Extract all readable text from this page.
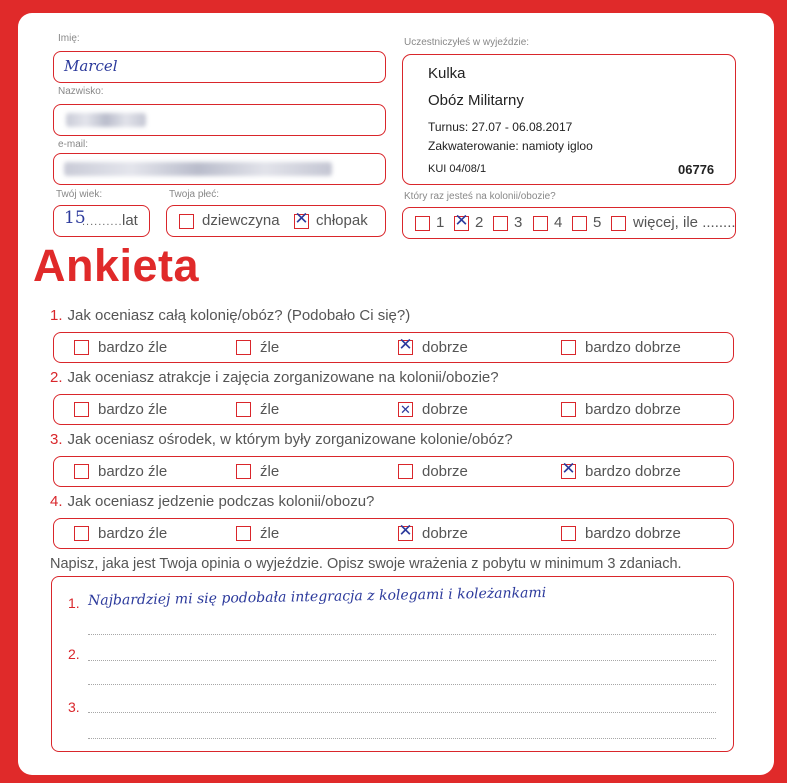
Imię:
Marcel
Nazwisko:
e-mail:
Twój wiek:
15
.......... lat
Twoja płeć:
dziewczyna ✕ chłopak
Uczestniczyłeś w wyjeździe:
Kulka
Obóz Militarny
Turnus: 27.07 - 06.08.2017
Zakwaterowanie: namioty igloo
KUI 04/08/1	06776
Który raz jesteś na kolonii/obozie?
1 ✕ 2 3 4 5 więcej, ile ........
Ankieta
1. Jak oceniasz całą kolonię/obóz? (Podobało Ci się?)
bardzo źle	źle	✕ dobrze	bardzo dobrze
2. Jak oceniasz atrakcje i zajęcia zorganizowane na kolonii/obozie?
bardzo źle	źle	✕ dobrze	bardzo dobrze
3. Jak oceniasz ośrodek, w którym były zorganizowane kolonie/obóz?
bardzo źle	źle	dobrze	✕ bardzo dobrze
4. Jak oceniasz jedzenie podczas kolonii/obozu?
bardzo źle	źle	✕ dobrze	bardzo dobrze
Napisz, jaka jest Twoja opinia o wyjeździe. Opisz swoje wrażenia z pobytu w minimum 3 zdaniach.
1. Najbardziej mi się podobała integracja z kolegami i koleżankami
2.
3.
